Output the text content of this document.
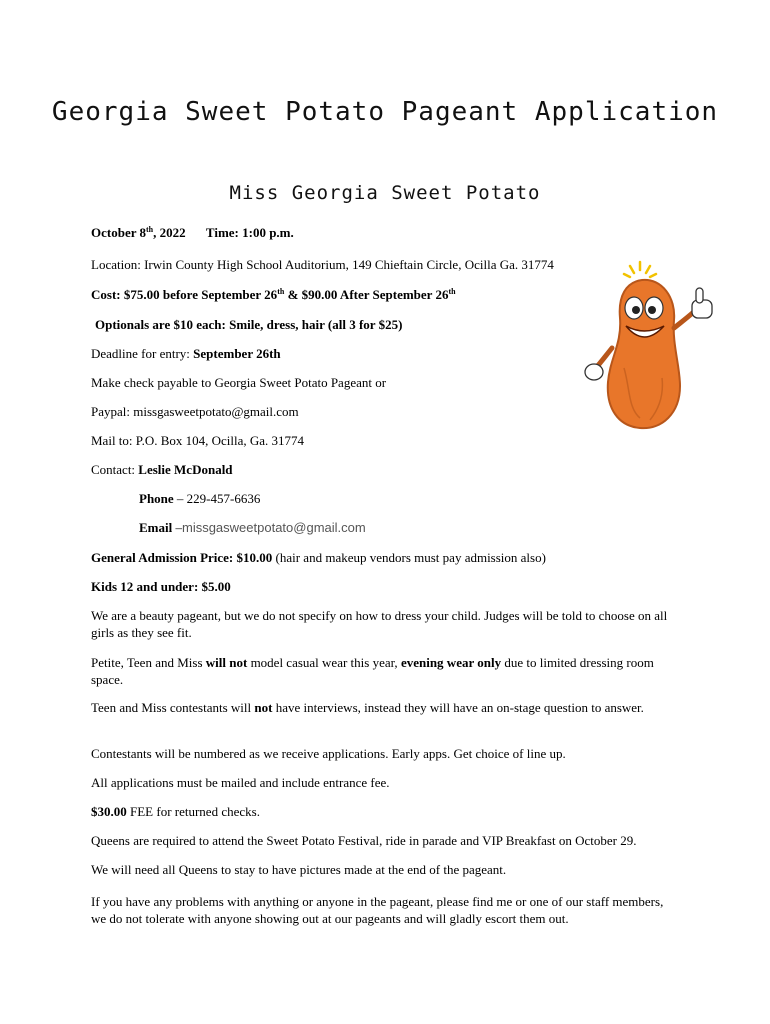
Georgia Sweet Potato Pageant Application
Miss Georgia Sweet Potato
October 8th, 2022 Time: 1:00 p.m.
Location: Irwin County High School Auditorium, 149 Chieftain Circle, Ocilla Ga. 31774
Cost: $75.00 before September 26th & $90.00 After September 26th
Optionals are $10 each: Smile, dress, hair (all 3 for $25)
Deadline for entry: September 26th
Make check payable to Georgia Sweet Potato Pageant or
Paypal: missgasweetpotato@gmail.com
Mail to: P.O. Box 104, Ocilla, Ga. 31774
Contact: Leslie McDonald
Phone – 229-457-6636
Email –missgasweetpotato@gmail.com
General Admission Price: $10.00 (hair and makeup vendors must pay admission also)
Kids 12 and under: $5.00
We are a beauty pageant, but we do not specify on how to dress your child. Judges will be told to choose on all girls as they see fit.
Petite, Teen and Miss will not model casual wear this year, evening wear only due to limited dressing room space.
Teen and Miss contestants will not have interviews, instead they will have an on-stage question to answer.
Contestants will be numbered as we receive applications. Early apps. Get choice of line up.
All applications must be mailed and include entrance fee.
$30.00 FEE for returned checks.
Queens are required to attend the Sweet Potato Festival, ride in parade and VIP Breakfast on October 29.
We will need all Queens to stay to have pictures made at the end of the pageant.
If you have any problems with anything or anyone in the pageant, please find me or one of our staff members, we do not tolerate with anyone showing out at our pageants and will gladly escort them out.
